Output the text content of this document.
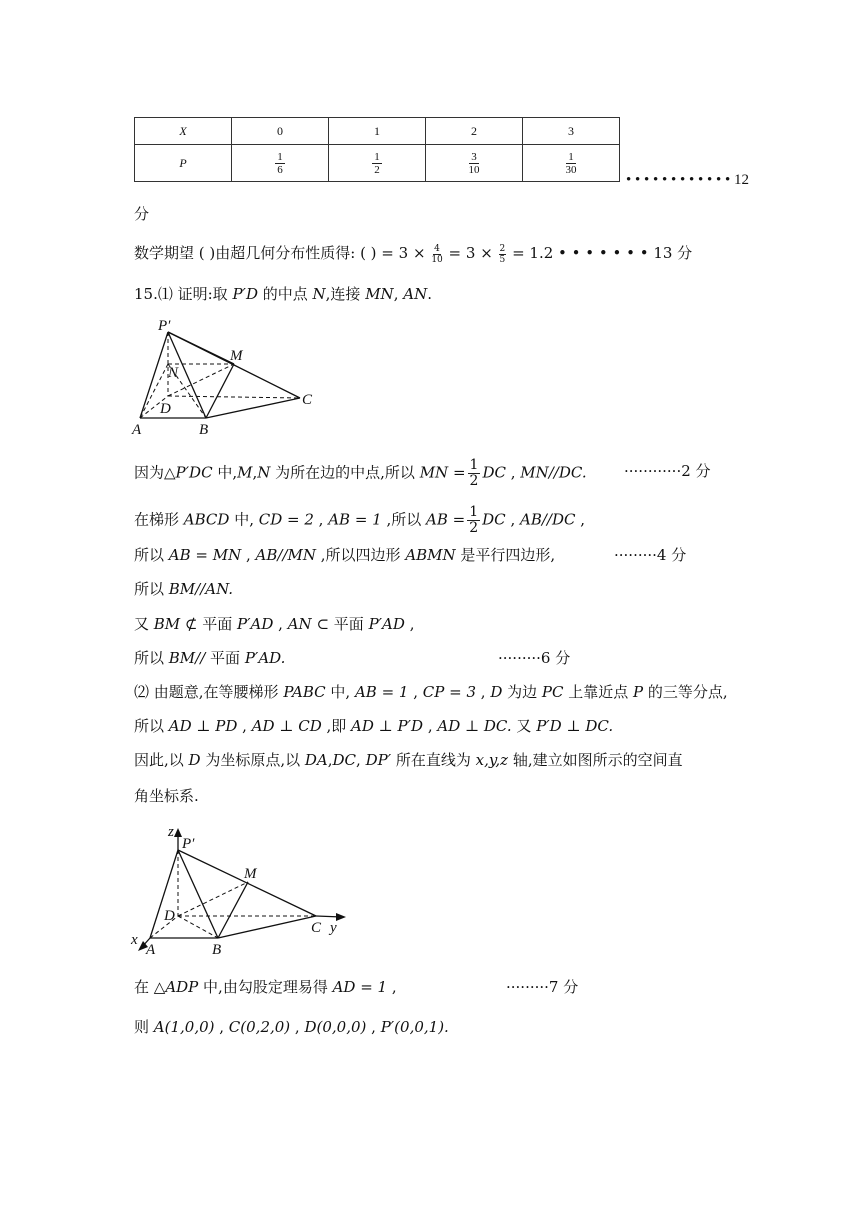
X	0	1	2	3
P	$\frac{1}{6}$	$\frac{1}{2}$	$\frac{3}{10}$	$\frac{1}{30}$
• • • • • • • • • • • • 12
分
数学期望 ( )由超几何分布性质得: ( ) = $3 \times \frac{4}{10} = 3 \times \frac{2}{5} = 1.2$ • • • • • • • 13 分
15.⑴ 证明:取 P′D 的中点 N,连接 MN, AN.
P′
M
N
D
C
A	B
因为△P′DC 中,M,N 为所在边的中点,所以 MN = $\frac{1}{2}$ DC , MN//DC. ············2 分
在梯形 ABCD 中, CD = 2 , AB = 1 ,所以 AB = $\frac{1}{2}$ DC , AB//DC ,
所以 AB = MN , AB//MN ,所以四边形 ABMN 是平行四边形,	·········4 分
所以 BM//AN.
又 BM ⊄ 平面 P′AD , AN ⊂ 平面 P′AD ,
所以 BM// 平面 P′AD.	·········6 分
⑵ 由题意,在等腰梯形 PABC 中, AB = 1 , CP = 3 , D 为边 PC 上靠近点 P 的三等分点,
所以 AD ⊥ PD , AD ⊥ CD ,即 AD ⊥ P′D , AD ⊥ DC. 又 P′D ⊥ DC.
因此,以 D 为坐标原点,以 DA,DC, DP′ 所在直线为 x,y,z 轴,建立如图所示的空间直
角坐标系.
z
P′
M
D
C y
x
A	B
在 △ADP 中,由勾股定理易得 AD = 1 ,	·········7 分
则 A(1,0,0) , C(0,2,0) , D(0,0,0) , P′(0,0,1).
